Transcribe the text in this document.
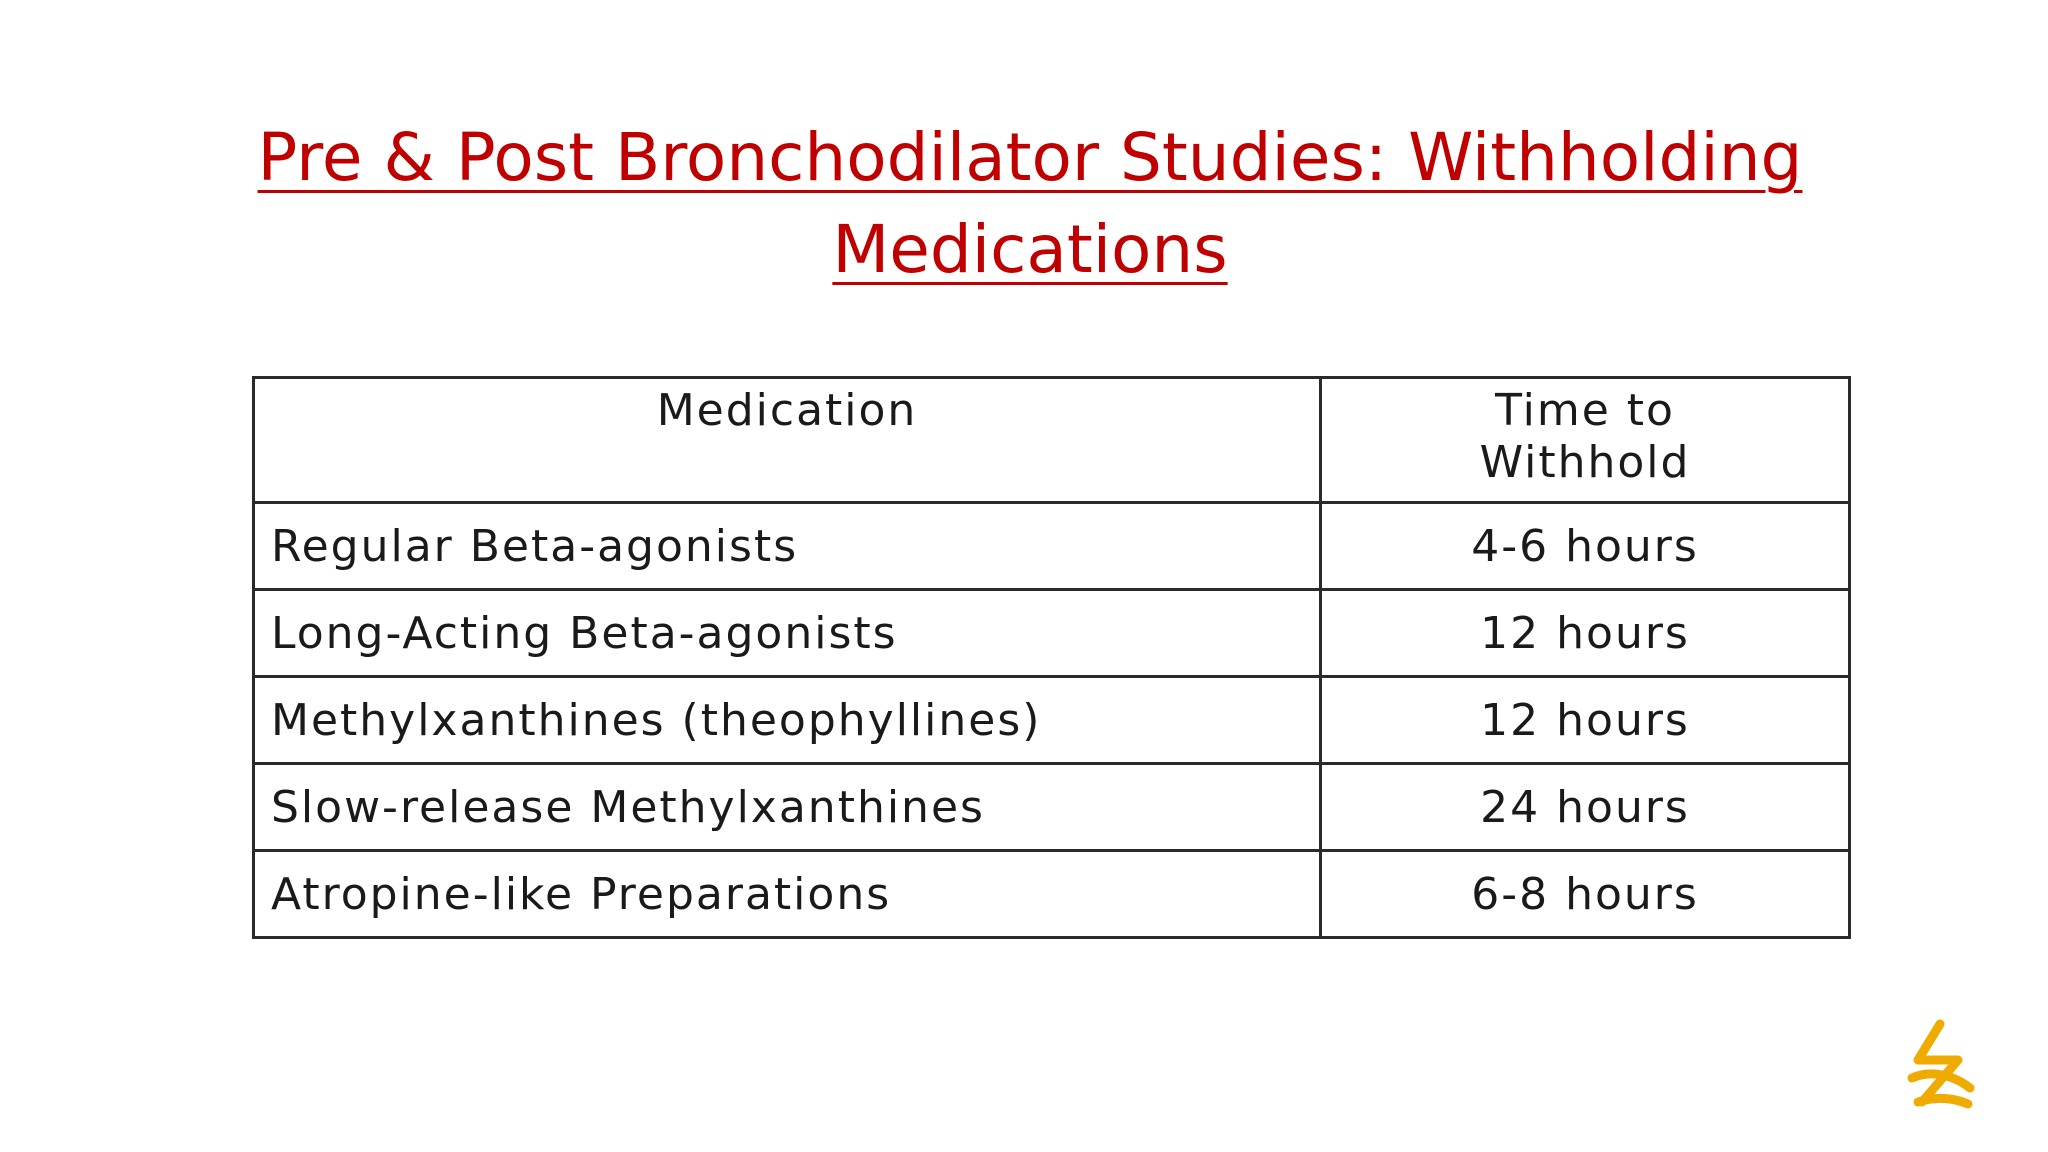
Pre & Post Bronchodilator Studies: Withholding
Medications
Medication	Time to
Withhold
Regular Beta-agonists	4-6 hours
Long-Acting Beta-agonists	12 hours
Methylxanthines (theophyllines)	12 hours
Slow-release Methylxanthines	24 hours
Atropine-like Preparations	6-8 hours
